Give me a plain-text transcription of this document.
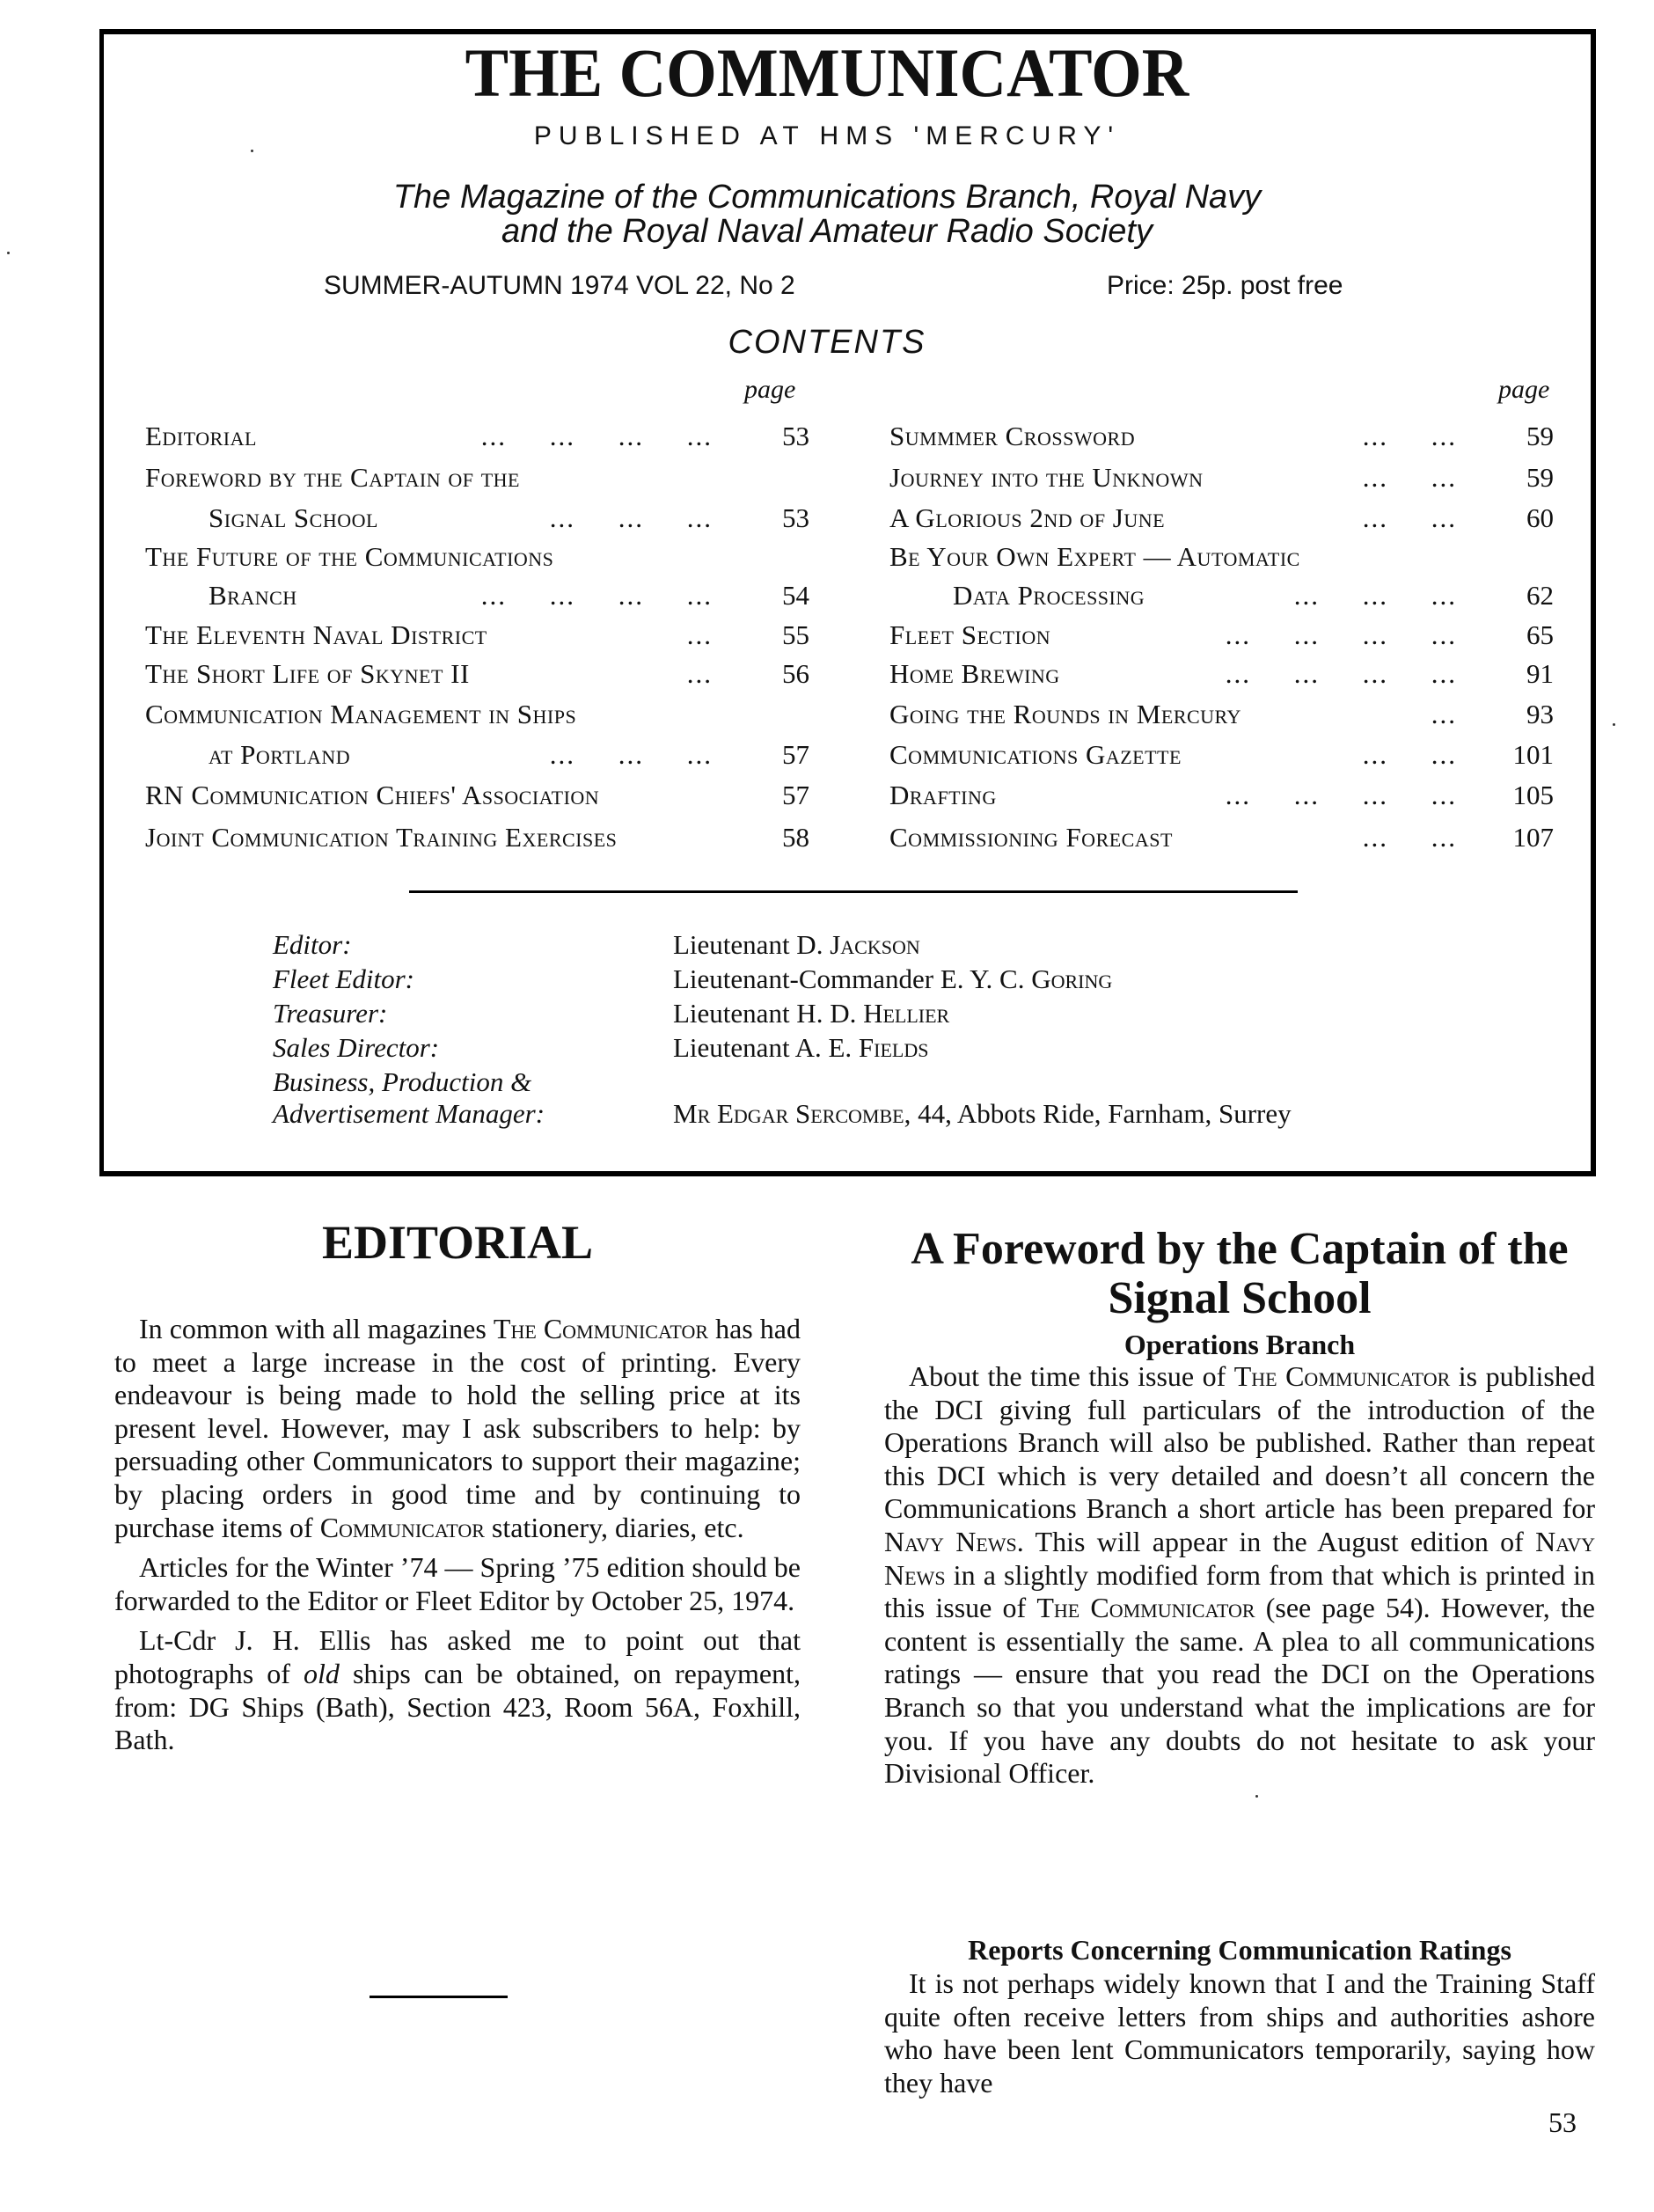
THE COMMUNICATOR
PUBLISHED AT HMS 'MERCURY'
The Magazine of the Communications Branch, Royal Navy
and the Royal Naval Amateur Radio Society
SUMMER-AUTUMN 1974 VOL 22, No 2	Price: 25p. post free
CONTENTS
page	page
Editorial	...     ...     ...     ...	53
Foreword by the Captain of the
Signal School	...     ...     ...	53
The Future of the Communications
Branch	...     ...     ...     ...	54
The Eleventh Naval District	...	55
The Short Life of Skynet II	...	56
Communication Management in Ships
at Portland	...     ...     ...	57
RN Communication Chiefs' Association	57
Joint Communication Training Exercises	58
Summmer Crossword	...     ...	59
Journey into the Unknown	...     ...	59
A Glorious 2nd of June	...     ...	60
Be Your Own Expert — Automatic
Data Processing	...     ...     ...	62
Fleet Section	...     ...     ...     ...	65
Home Brewing	...     ...     ...     ...	91
Going the Rounds in Mercury	...	93
Communications Gazette	...     ...	101
Drafting	...     ...     ...     ...	105
Commissioning Forecast	...     ...	107
Editor:	Lieutenant D. Jackson
Fleet Editor:	Lieutenant-Commander E. Y. C. Goring
Treasurer:	Lieutenant H. D. Hellier
Sales Director:	Lieutenant A. E. Fields
Business, Production &
Advertisement Manager:	Mr Edgar Sercombe, 44, Abbots Ride, Farnham, Surrey
EDITORIAL

In common with all magazines The Communicator has had to meet a large increase in the cost of printing. Every endeavour is being made to hold the selling price at its present level. However, may I ask subscribers to help: by persuading other Communicators to support their magazine; by placing orders in good time and by continuing to purchase items of Communicator stationery, diaries, etc.

Articles for the Winter ’74 — Spring ’75 edition should be forwarded to the Editor or Fleet Editor by October 25, 1974.

Lt-Cdr J. H. Ellis has asked me to point out that photographs of old ships can be obtained, on repayment, from: DG Ships (Bath), Section 423, Room 56A, Foxhill, Bath.

A Foreword by the Captain of the Signal School
Operations Branch

About the time this issue of The Communicator is published the DCI giving full particulars of the introduction of the Operations Branch will also be published. Rather than repeat this DCI which is very detailed and doesn’t all concern the Communications Branch a short article has been prepared for Navy News. This will appear in the August edition of Navy News in a slightly modified form from that which is printed in this issue of The Communicator (see page 54). However, the content is essentially the same. A plea to all communications ratings — ensure that you read the DCI on the Operations Branch so that you understand what the implications are for you. If you have any doubts do not hesitate to ask your Divisional Officer.

Reports Concerning Communication Ratings

It is not perhaps widely known that I and the Training Staff quite often receive letters from ships and authorities ashore who have been lent Communicators temporarily, saying how they have

53
